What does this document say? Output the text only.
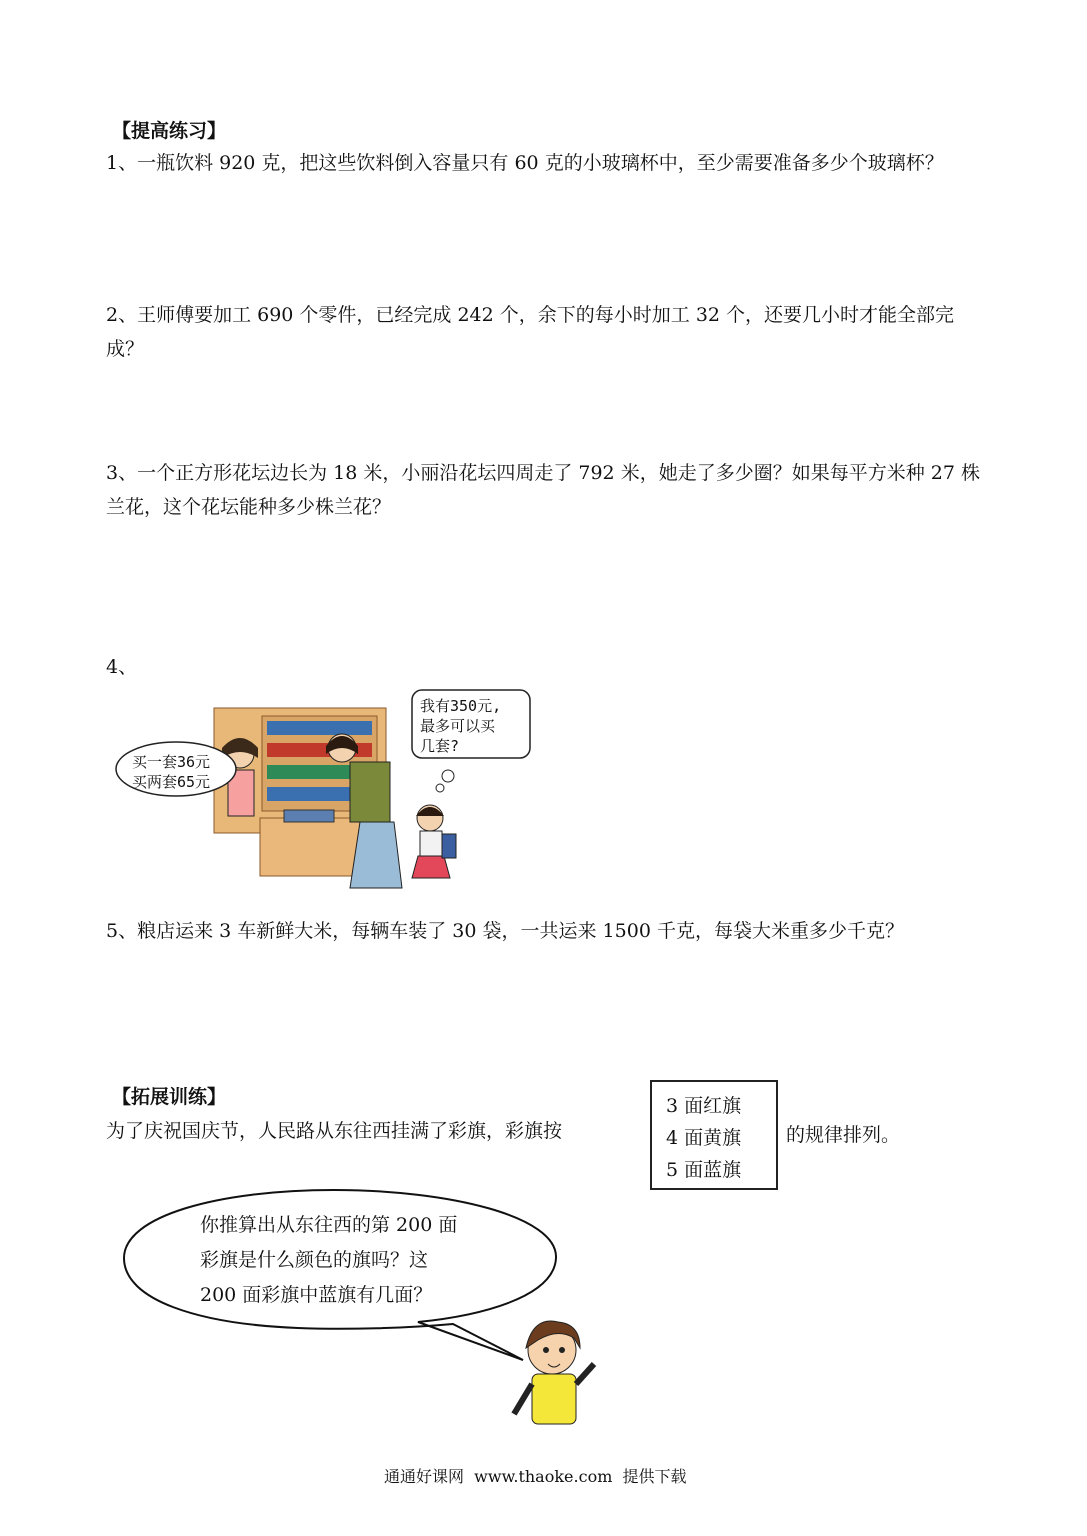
【提高练习】
1、一瓶饮料 920 克，把这些饮料倒入容量只有 60 克的小玻璃杯中，至少需要准备多少个玻璃杯？
2、王师傅要加工 690 个零件，已经完成 242 个，余下的每小时加工 32 个，还要几小时才能全部完成？
3、一个正方形花坛边长为 18 米，小丽沿花坛四周走了 792 米，她走了多少圈？如果每平方米种 27 株兰花，这个花坛能种多少株兰花？
4、
买一套36元
买两套65元
我有350元,
最多可以买
几套?
5、粮店运来 3 车新鲜大米，每辆车装了 30 袋，一共运来 1500 千克，每袋大米重多少千克？
【拓展训练】
为了庆祝国庆节，人民路从东往西挂满了彩旗，彩旗按
3 面红旗
4 面黄旗
5 面蓝旗
的规律排列。
你推算出从东往西的第 200 面
彩旗是什么颜色的旗吗？这
200 面彩旗中蓝旗有几面？
通通好课网  www.thaoke.com  提供下载
